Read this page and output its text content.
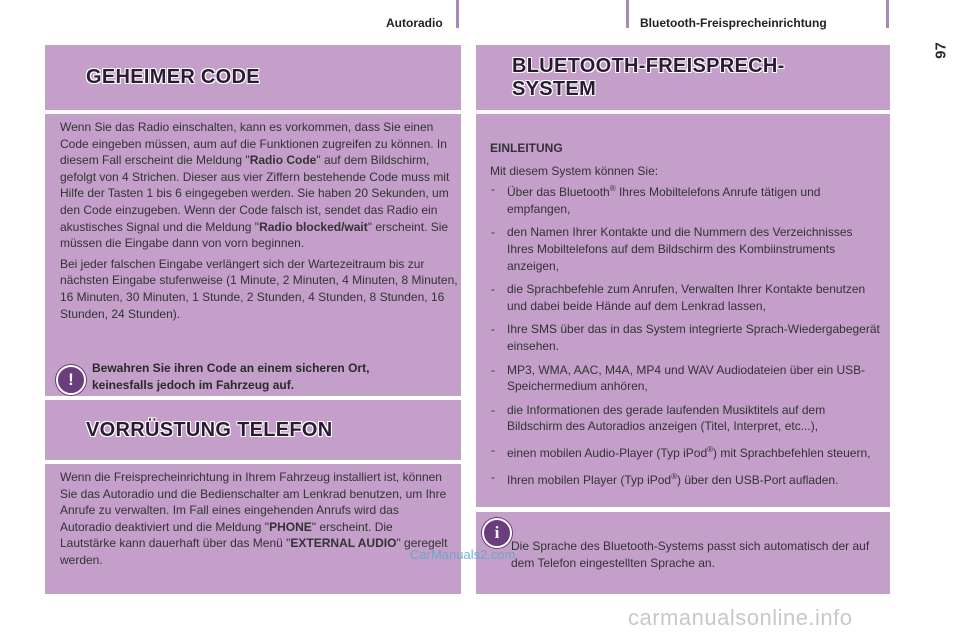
Autoradio	Bluetooth-Freisprecheinrichtung
97
GEHEIMER CODE

Wenn Sie das Radio einschalten, kann es vorkommen, dass Sie einen Code eingeben müssen, aum auf die Funktionen zugreifen zu können. In diesem Fall erscheint die Meldung "Radio Code" auf dem Bildschirm, gefolgt von 4 Strichen. Dieser aus vier Ziffern bestehende Code muss mit Hilfe der Tasten 1 bis 6 eingegeben werden. Sie haben 20 Sekunden, um den Code einzugeben. Wenn der Code falsch ist, sendet das Radio ein akustisches Signal und die Meldung "Radio blocked/wait" erscheint. Sie müssen die Eingabe dann von vorn beginnen.

Bei jeder falschen Eingabe verlängert sich der Wartezeitraum bis zur nächsten Eingabe stufenweise (1 Minute, 2 Minuten, 4 Minuten, 8 Minuten, 16 Minuten, 30 Minuten, 1 Stunde, 2 Stunden, 4 Stunden, 8 Stunden, 16 Stunden, 24 Stunden).

!
Bewahren Sie ihren Code an einem sicheren Ort, keinesfalls jedoch im Fahrzeug auf.
VORRÜSTUNG TELEFON

Wenn die Freisprecheinrichtung in Ihrem Fahrzeug installiert ist, können Sie das Autoradio und die Bedienschalter am Lenkrad benutzen, um Ihre Anrufe zu verwalten. Im Fall eines eingehenden Anrufs wird das Autoradio deaktiviert und die Meldung "PHONE" erscheint. Die Lautstärke kann dauerhaft über das Menü "EXTERNAL AUDIO" geregelt werden.

BLUETOOTH-FREISPRECH-
SYSTEM
EINLEITUNG

Mit diesem System können Sie:

- Über das Bluetooth® Ihres Mobiltelefons Anrufe tätigen und empfangen,
- den Namen Ihrer Kontakte und die Nummern des Verzeichnisses Ihres Mobiltelefons auf dem Bildschirm des Kombiinstruments anzeigen,
- die Sprachbefehle zum Anrufen, Verwalten Ihrer Kontakte benutzen und dabei beide Hände auf dem Lenkrad lassen,
- Ihre SMS über das in das System integrierte Sprach-Wiedergabegerät einsehen.
- MP3, WMA, AAC, M4A, MP4 und WAV Audiodateien über ein USB-Speichermedium anhören,
- die Informationen des gerade laufenden Musiktitels auf dem Bildschirm des Autoradios anzeigen (Titel, Interpret, etc...),
- einen mobilen Audio-Player (Typ iPod®) mit Sprachbefehlen steuern,
- Ihren mobilen Player (Typ iPod®) über den USB-Port aufladen.
i
Die Sprache des Bluetooth-Systems passt sich automatisch der auf dem Telefon eingestellten Sprache an.
CarManuals2.com
carmanualsonline.info
